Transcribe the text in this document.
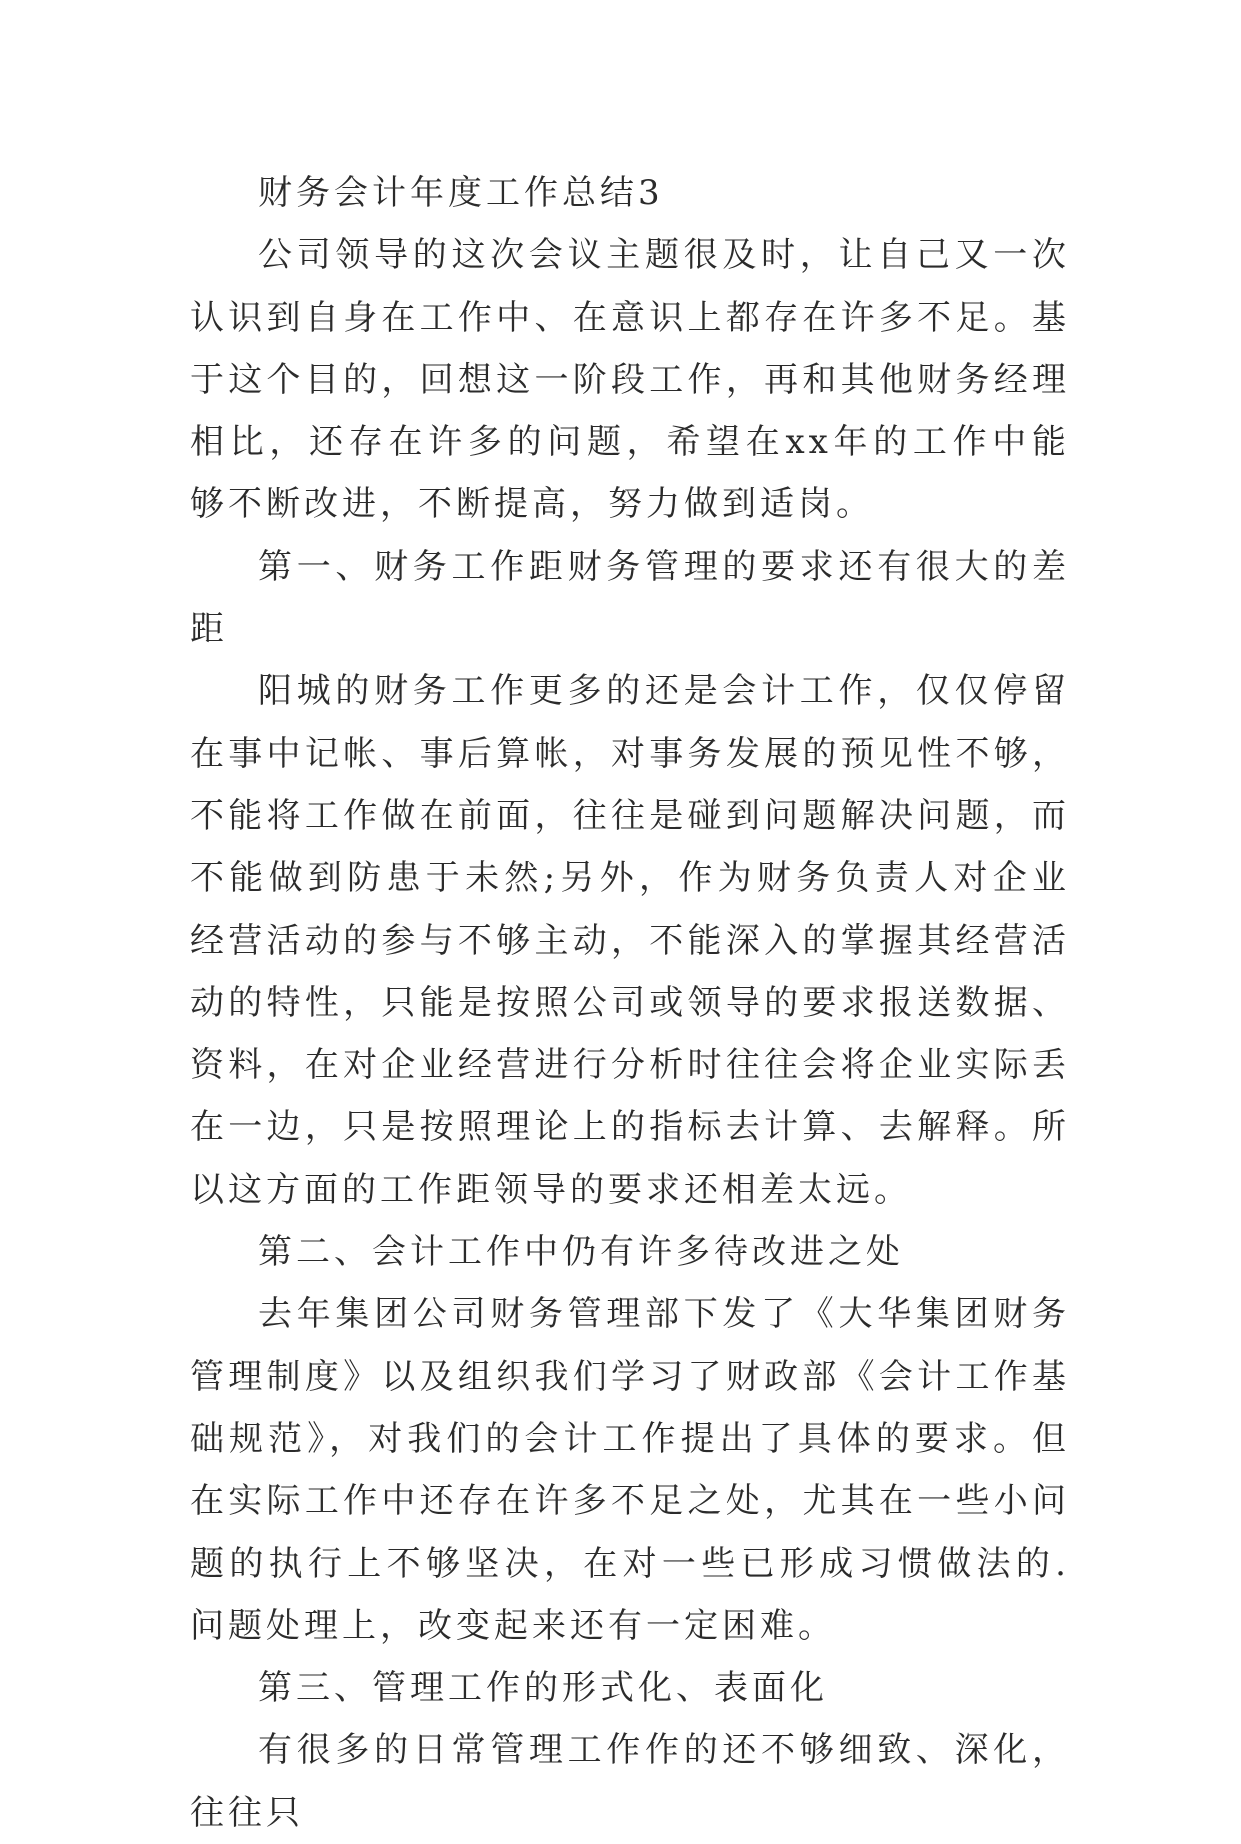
财务会计年度工作总结3

公司领导的这次会议主题很及时，让自己又一次认识到自身在工作中、在意识上都存在许多不足。基于这个目的，回想这一阶段工作，再和其他财务经理相比，还存在许多的问题，希望在xx年的工作中能够不断改进，不断提高，努力做到适岗。

第一、财务工作距财务管理的要求还有很大的差距

阳城的财务工作更多的还是会计工作，仅仅停留在事中记帐、事后算帐，对事务发展的预见性不够，不能将工作做在前面，往往是碰到问题解决问题，而不能做到防患于未然;另外，作为财务负责人对企业经营活动的参与不够主动，不能深入的掌握其经营活动的特性，只能是按照公司或领导的要求报送数据、资料，在对企业经营进行分析时往往会将企业实际丢在一边，只是按照理论上的指标去计算、去解释。所以这方面的工作距领导的要求还相差太远。

第二、会计工作中仍有许多待改进之处

去年集团公司财务管理部下发了《大华集团财务管理制度》以及组织我们学习了财政部《会计工作基础规范》，对我们的会计工作提出了具体的要求。但在实际工作中还存在许多不足之处，尤其在一些小问题的执行上不够坚决，在对一些已形成习惯做法的.问题处理上，改变起来还有一定困难。

第三、管理工作的形式化、表面化

有很多的日常管理工作作的还不够细致、深化，往往只
